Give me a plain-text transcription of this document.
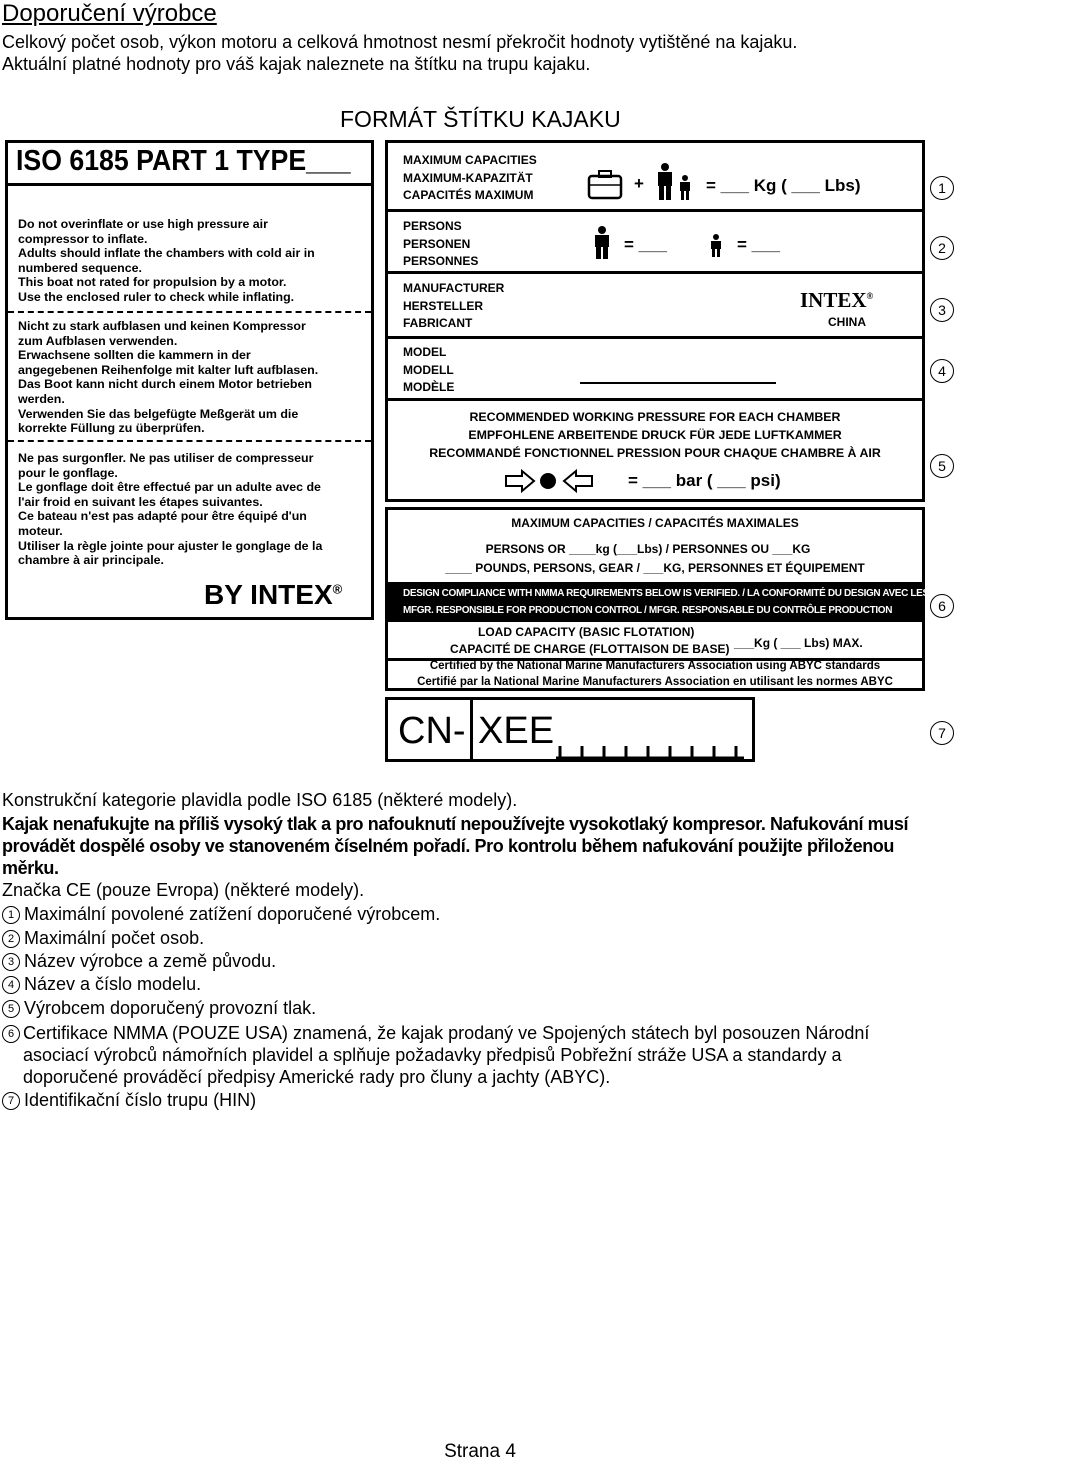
Doporučení výrobce
Celkový počet osob, výkon motoru a celková hmotnost nesmí překročit hodnoty vytištěné na kajaku.
Aktuální platné hodnoty pro váš kajak naleznete na štítku na trupu kajaku.
FORMÁT ŠTÍTKU KAJAKU
ISO 6185 PART 1 TYPE___
Do not overinflate or use high pressure air
compressor to inflate.
Adults should inflate the chambers with cold air in
numbered sequence.
This boat not rated for propulsion by a motor.
Use the enclosed ruler to check while inflating.
Nicht zu stark aufblasen und keinen Kompressor
zum Aufblasen verwenden.
Erwachsene sollten die kammern in der
angegebenen Reihenfolge mit kalter luft aufblasen.
Das Boot kann nicht durch einem Motor betrieben
werden.
Verwenden Sie das belgefügte Meßgerät um die
korrekte Füllung zu überprüfen.
Ne pas surgonfler. Ne pas utiliser de compresseur
pour le gonflage.
Le gonflage doit être effectué par un adulte avec de
l'air froid en suivant les étapes suivantes.
Ce bateau n'est pas adapté pour être équipé d'un
moteur.
Utiliser la règle jointe pour ajuster le gonglage de la
chambre à air principale.
BY INTEX®
MAXIMUM CAPACITIES
MAXIMUM-KAPAZITÄT
CAPACITÉS MAXIMUM
+	= ___ Kg ( ___ Lbs)
PERSONS
PERSONEN
PERSONNES
= ___	= ___
MANUFACTURER
HERSTELLER
FABRICANT
INTEX®
CHINA
MODEL
MODELL
MODÈLE
RECOMMENDED WORKING PRESSURE FOR EACH CHAMBER
EMPFOHLENE ARBEITENDE DRUCK FÜR JEDE LUFTKAMMER
RECOMMANDÉ FONCTIONNEL PRESSION POUR CHAQUE CHAMBRE À AIR
= ___ bar ( ___ psi)
MAXIMUM CAPACITIES / CAPACITÉS MAXIMALES
PERSONS OR ____kg (___Lbs) / PERSONNES OU ___KG
____ POUNDS, PERSONS, GEAR / ___KG, PERSONNES ET ÉQUIPEMENT
DESIGN COMPLIANCE WITH NMMA REQUIREMENTS BELOW IS VERIFIED. / LA CONFORMITÉ DU DESIGN AVEC LES EXIGENCES NMMA EST VÉRIFIÉE.
MFGR. RESPONSIBLE FOR PRODUCTION CONTROL / MFGR. RESPONSABLE DU CONTRÔLE PRODUCTION
LOAD CAPACITY (BASIC FLOTATION)
CAPACITÉ DE CHARGE (FLOTTAISON DE BASE) ___Kg ( ___ Lbs) MAX.
Certified by the National Marine Manufacturers Association using ABYC standards
Certifié par la National Marine Manufacturers Association en utilisant les normes ABYC
CN- XEE
1
2
3
4
5
6
7
Konstrukční kategorie plavidla podle ISO 6185 (některé modely).
Kajak nenafukujte na příliš vysoký tlak a pro nafouknutí nepoužívejte vysokotlaký kompresor. Nafukování musí provádět dospělé osoby ve stanoveném číselném pořadí. Pro kontrolu během nafukování použijte přiloženou měrku.
Značka CE (pouze Evropa) (některé modely).
1 Maximální povolené zatížení doporučené výrobcem.
2 Maximální počet osob.
3 Název výrobce a země původu.
4 Název a číslo modelu.
5 Výrobcem doporučený provozní tlak.
6 Certifikace NMMA (POUZE USA) znamená, že kajak prodaný ve Spojených státech byl posouzen Národní asociací výrobců námořních plavidel a splňuje požadavky předpisů Pobřežní stráže USA a standardy a doporučené prováděcí předpisy Americké rady pro čluny a jachty (ABYC).
7 Identifikační číslo trupu (HIN)
Strana 4
